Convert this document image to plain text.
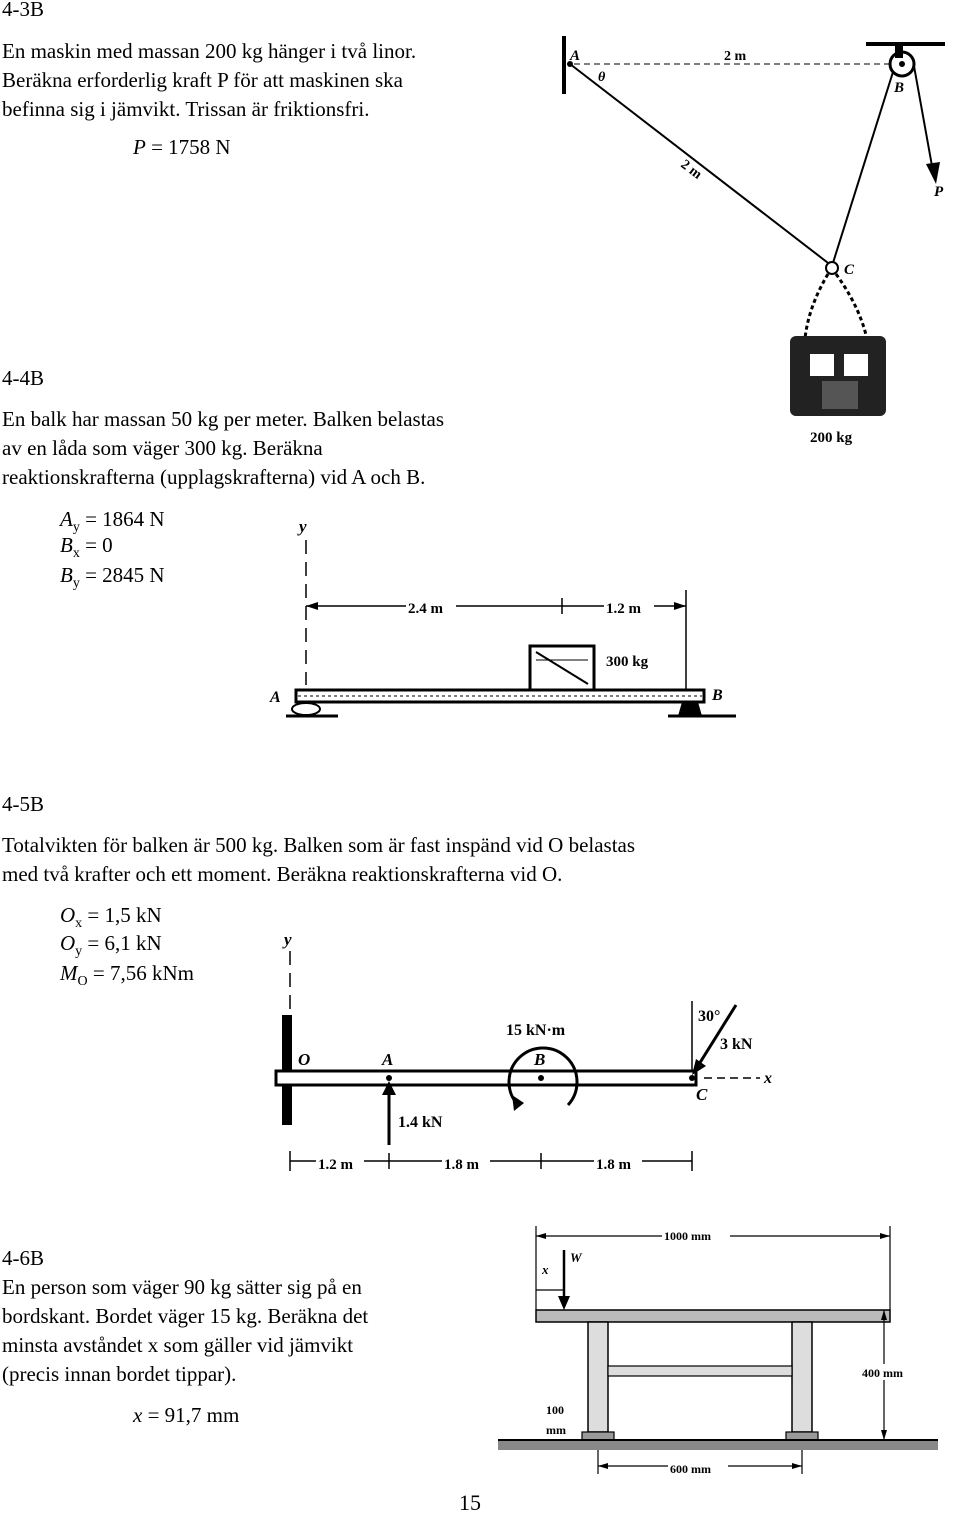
4-3B
En maskin med massan 200 kg hänger i två linor.
Beräkna erforderlig kraft P för att maskinen ska
befinna sig i jämvikt. Trissan är friktionsfri.
P = 1758 N
A
θ
2 m
B
P
2 m
C
200 kg
4-4B
En balk har massan 50 kg per meter. Balken belastas
av en låda som väger 300 kg. Beräkna
reaktionskrafterna (upplagskrafterna) vid A och B.
$A_y = 1864$ N
$B_x = 0$
$B_y = 2845$ N
y
2.4 m	1.2 m
300 kg
A	B
4-5B
Totalvikten för balken är 500 kg. Balken som är fast inspänd vid O belastas
med två krafter och ett moment. Beräkna reaktionskrafterna vid O.
$O_x = 1,5$ kN
$O_y = 6,1$ kN
$M_O = 7,56$ kNm
y
O	A	B
C
15 kN·m
1.4 kN
30°
3 kN
x
1.2 m	1.8 m	1.8 m
4-6B
En person som väger 90 kg sätter sig på en
bordskant. Bordet väger 15 kg. Beräkna det
minsta avståndet x som gäller vid jämvikt
(precis innan bordet tippar).
x = 91,7 mm
1000 mm
x
W
400 mm
100
mm
600 mm
15
